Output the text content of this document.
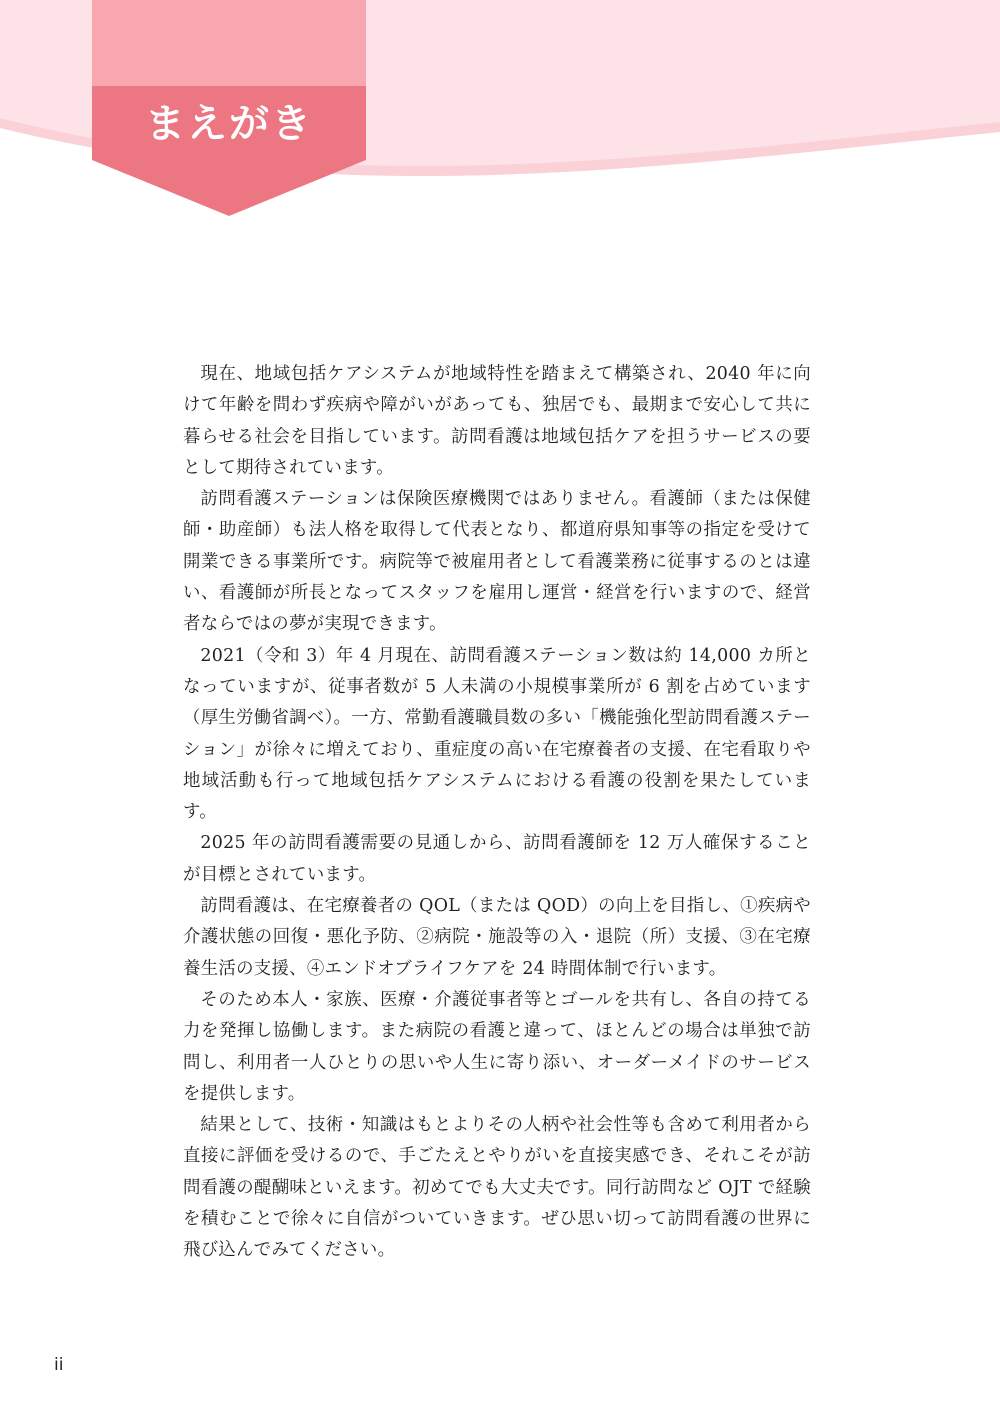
まえがき

現在、地域包括ケアシステムが地域特性を踏まえて構築され、2040 年に向けて年齢を問わず疾病や障がいがあっても、独居でも、最期まで安心して共に暮らせる社会を目指しています。訪問看護は地域包括ケアを担うサービスの要として期待されています。

訪問看護ステーションは保険医療機関ではありません。看護師（または保健師・助産師）も法人格を取得して代表となり、都道府県知事等の指定を受けて開業できる事業所です。病院等で被雇用者として看護業務に従事するのとは違い、看護師が所長となってスタッフを雇用し運営・経営を行いますので、経営者ならではの夢が実現できます。

2021（令和 3）年 4 月現在、訪問看護ステーション数は約 14,000 カ所となっていますが、従事者数が 5 人未満の小規模事業所が 6 割を占めています（厚生労働省調べ）。一方、常勤看護職員数の多い「機能強化型訪問看護ステーション」が徐々に増えており、重症度の高い在宅療養者の支援、在宅看取りや地域活動も行って地域包括ケアシステムにおける看護の役割を果たしています。

2025 年の訪問看護需要の見通しから、訪問看護師を 12 万人確保することが目標とされています。

訪問看護は、在宅療養者の QOL（または QOD）の向上を目指し、①疾病や介護状態の回復・悪化予防、②病院・施設等の入・退院（所）支援、③在宅療養生活の支援、④エンドオブライフケアを 24 時間体制で行います。

そのため本人・家族、医療・介護従事者等とゴールを共有し、各自の持てる力を発揮し協働します。また病院の看護と違って、ほとんどの場合は単独で訪問し、利用者一人ひとりの思いや人生に寄り添い、オーダーメイドのサービスを提供します。

結果として、技術・知識はもとよりその人柄や社会性等も含めて利用者から直接に評価を受けるので、手ごたえとやりがいを直接実感でき、それこそが訪問看護の醍醐味といえます。初めてでも大丈夫です。同行訪問など OJT で経験を積むことで徐々に自信がついていきます。ぜひ思い切って訪問看護の世界に飛び込んでみてください。

ii
